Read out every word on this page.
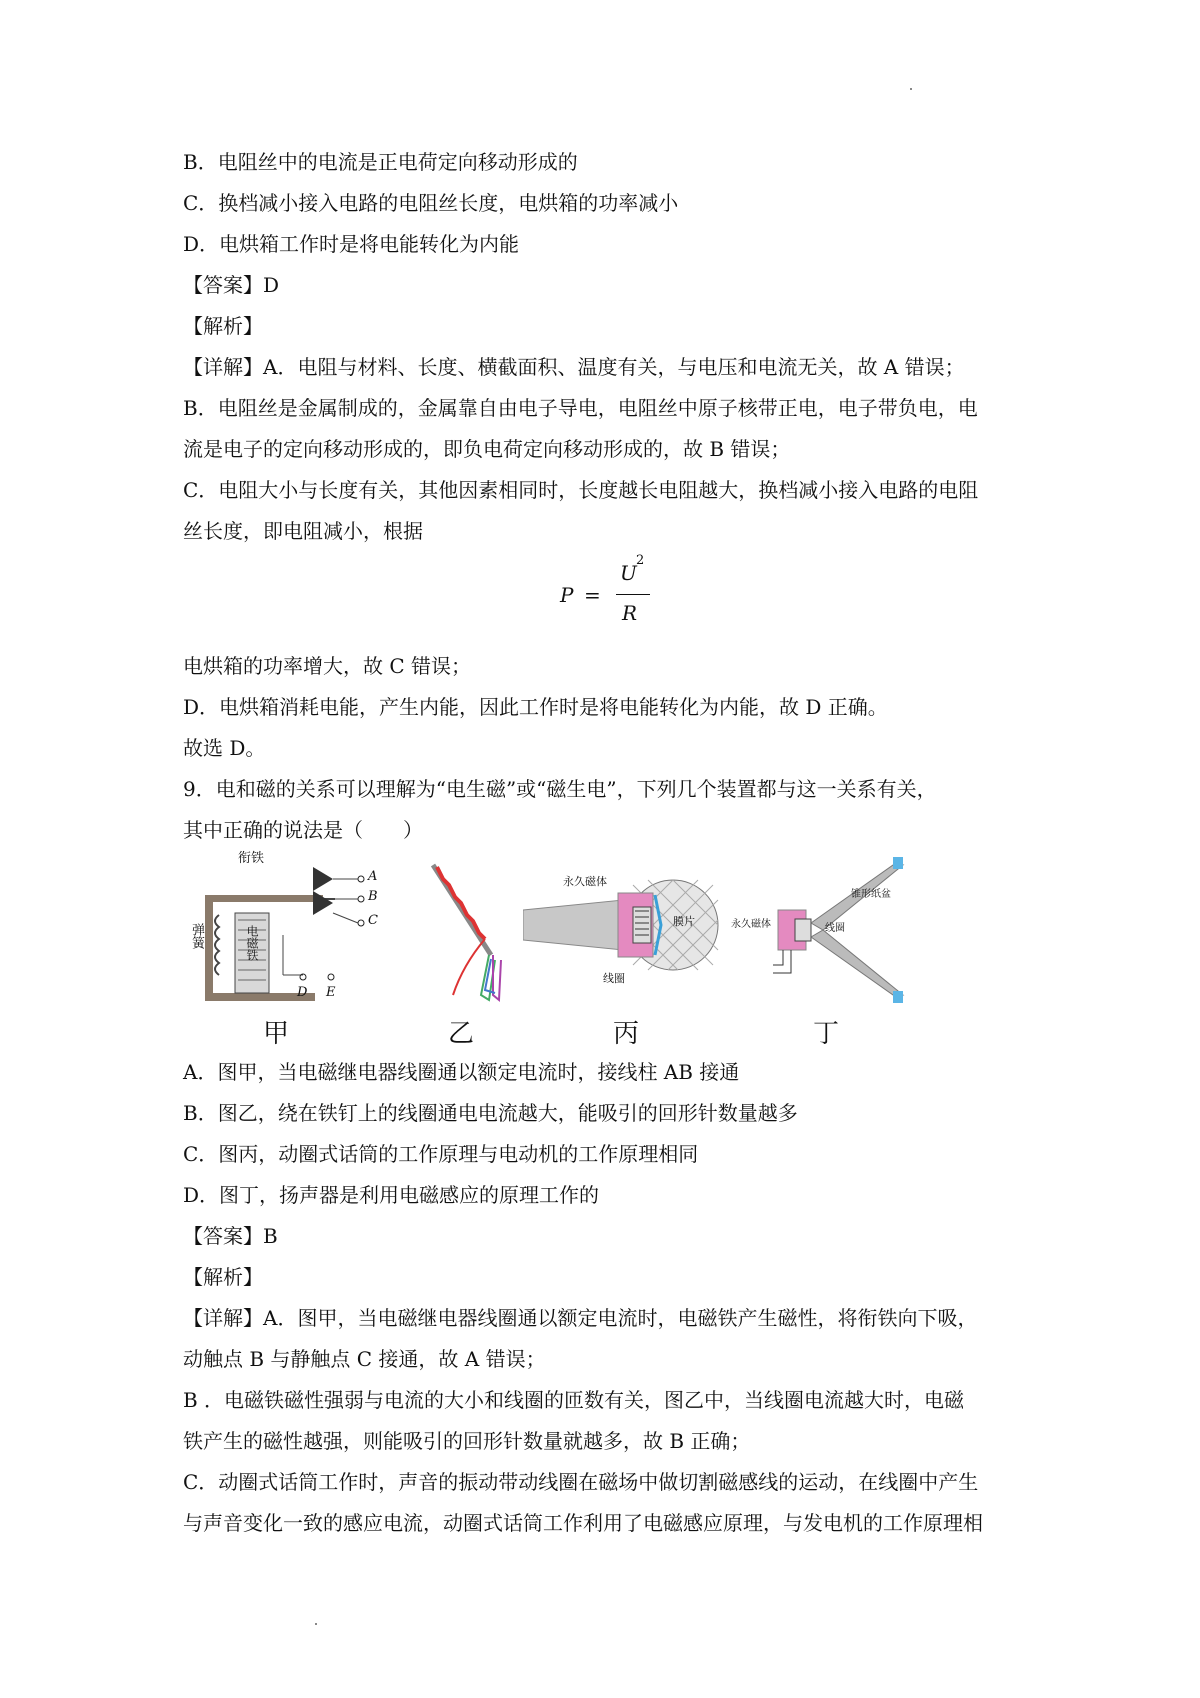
B．电阻丝中的电流是正电荷定向移动形成的
C．换档减小接入电路的电阻丝长度，电烘箱的功率减小
D．电烘箱工作时是将电能转化为内能
【答案】D
【解析】
【详解】A．电阻与材料、长度、横截面积、温度有关，与电压和电流无关，故 A 错误；
B．电阻丝是金属制成的，金属靠自由电子导电，电阻丝中原子核带正电，电子带负电，电
流是电子的定向移动形成的，即负电荷定向移动形成的，故 B 错误；
C．电阻大小与长度有关，其他因素相同时，长度越长电阻越大，换档减小接入电路的电阻
丝长度，即电阻减小，根据
电烘箱的功率增大，故 C 错误；
D．电烘箱消耗电能，产生内能，因此工作时是将电能转化为内能，故 D 正确。
故选 D。
9．电和磁的关系可以理解为“电生磁”或“磁生电”，下列几个装置都与这一关系有关，
其中正确的说法是（　　）
A．图甲，当电磁继电器线圈通以额定电流时，接线柱 AB 接通
B．图乙，绕在铁钉上的线圈通电电流越大，能吸引的回形针数量越多
C．图丙，动圈式话筒的工作原理与电动机的工作原理相同
D．图丁，扬声器是利用电磁感应的原理工作的
【答案】B
【解析】
【详解】A．图甲，当电磁继电器线圈通以额定电流时，电磁铁产生磁性，将衔铁向下吸，
动触点 B 与静触点 C 接通，故 A 错误；
B ．电磁铁磁性强弱与电流的大小和线圈的匝数有关，图乙中，当线圈电流越大时，电磁
铁产生的磁性越强，则能吸引的回形针数量就越多，故 B 正确；
C．动圈式话筒工作时，声音的振动带动线圈在磁场中做切割磁感线的运动，在线圈中产生
与声音变化一致的感应电流，动圈式话筒工作利用了电磁感应原理，与发电机的工作原理相
P =
U
2
R
衔铁
弹簧	电磁铁
A
B
C
D E
甲	乙
永久磁体
膜片
线圈
丙
锥形纸盆
永久磁体	线圈
丁
